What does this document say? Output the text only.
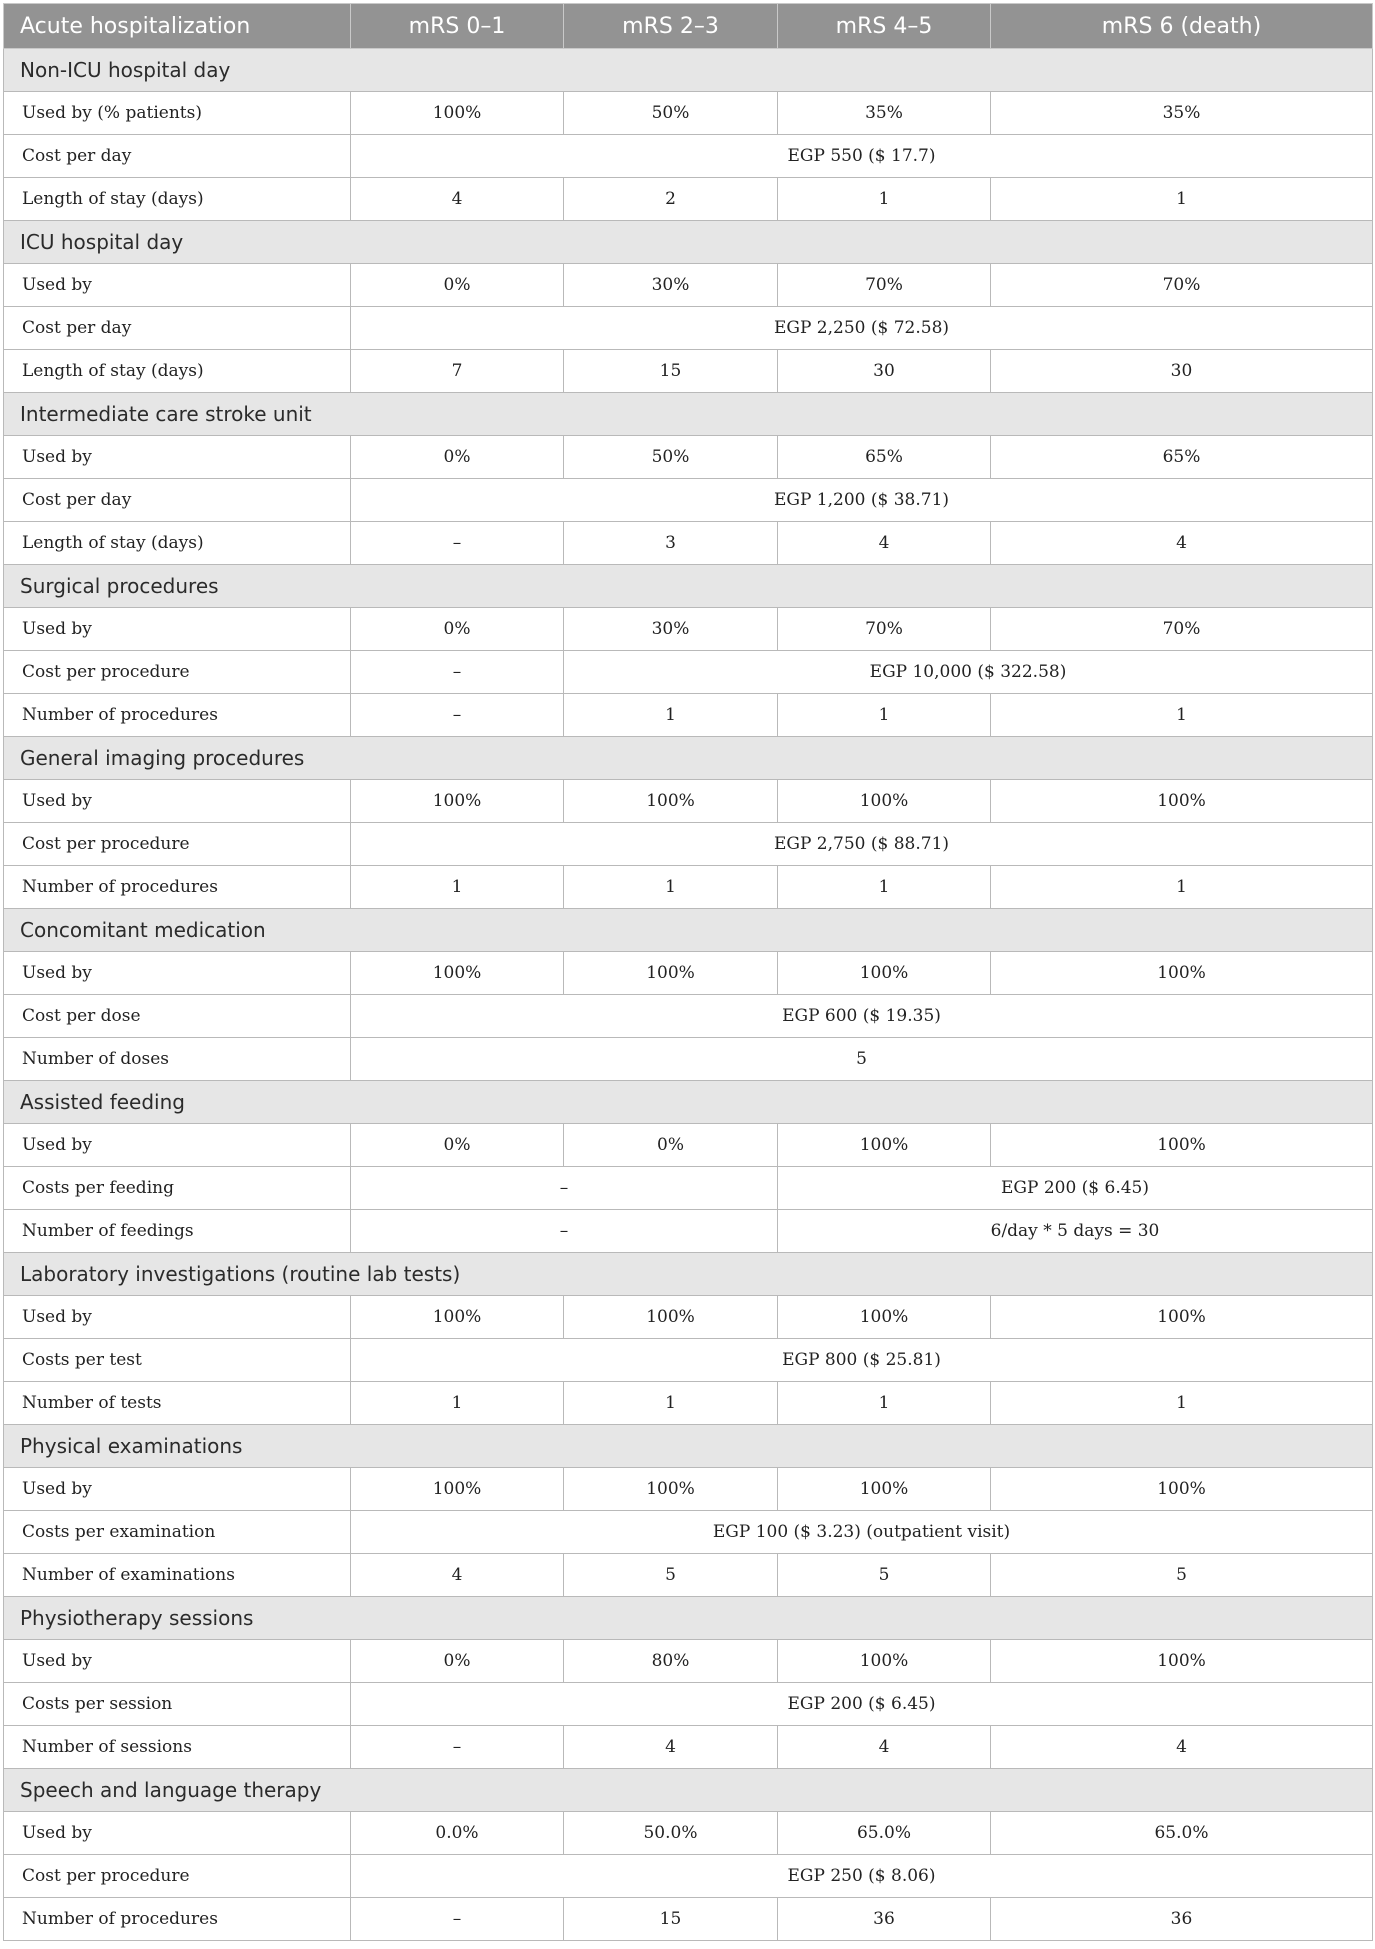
Acute hospitalization	mRS 0–1	mRS 2–3	mRS 4–5	mRS 6 (death)
Non-ICU hospital day				
Used by (% patients)	100%	50%	35%	35%
Cost per day	EGP 550 ($ 17.7)			
Length of stay (days)	4	2	1	1
ICU hospital day				
Used by	0%	30%	70%	70%
Cost per day	EGP 2,250 ($ 72.58)			
Length of stay (days)	7	15	30	30
Intermediate care stroke unit				
Used by	0%	50%	65%	65%
Cost per day	EGP 1,200 ($ 38.71)			
Length of stay (days)	–	3	4	4
Surgical procedures				
Used by	0%	30%	70%	70%
Cost per procedure	–	EGP 10,000 ($ 322.58)		
Number of procedures	–	1	1	1
General imaging procedures				
Used by	100%	100%	100%	100%
Cost per procedure	EGP 2,750 ($ 88.71)			
Number of procedures	1	1	1	1
Concomitant medication				
Used by	100%	100%	100%	100%
Cost per dose	EGP 600 ($ 19.35)			
Number of doses	5			
Assisted feeding				
Used by	0%	0%	100%	100%
Costs per feeding	–		EGP 200 ($ 6.45)	
Number of feedings	–		6/day * 5 days = 30	
Laboratory investigations (routine lab tests)				
Used by	100%	100%	100%	100%
Costs per test	EGP 800 ($ 25.81)			
Number of tests	1	1	1	1
Physical examinations				
Used by	100%	100%	100%	100%
Costs per examination	EGP 100 ($ 3.23) (outpatient visit)			
Number of examinations	4	5	5	5
Physiotherapy sessions				
Used by	0%	80%	100%	100%
Costs per session	EGP 200 ($ 6.45)			
Number of sessions	–	4	4	4
Speech and language therapy				
Used by	0.0%	50.0%	65.0%	65.0%
Cost per procedure	EGP 250 ($ 8.06)			
Number of procedures	–	15	36	36
